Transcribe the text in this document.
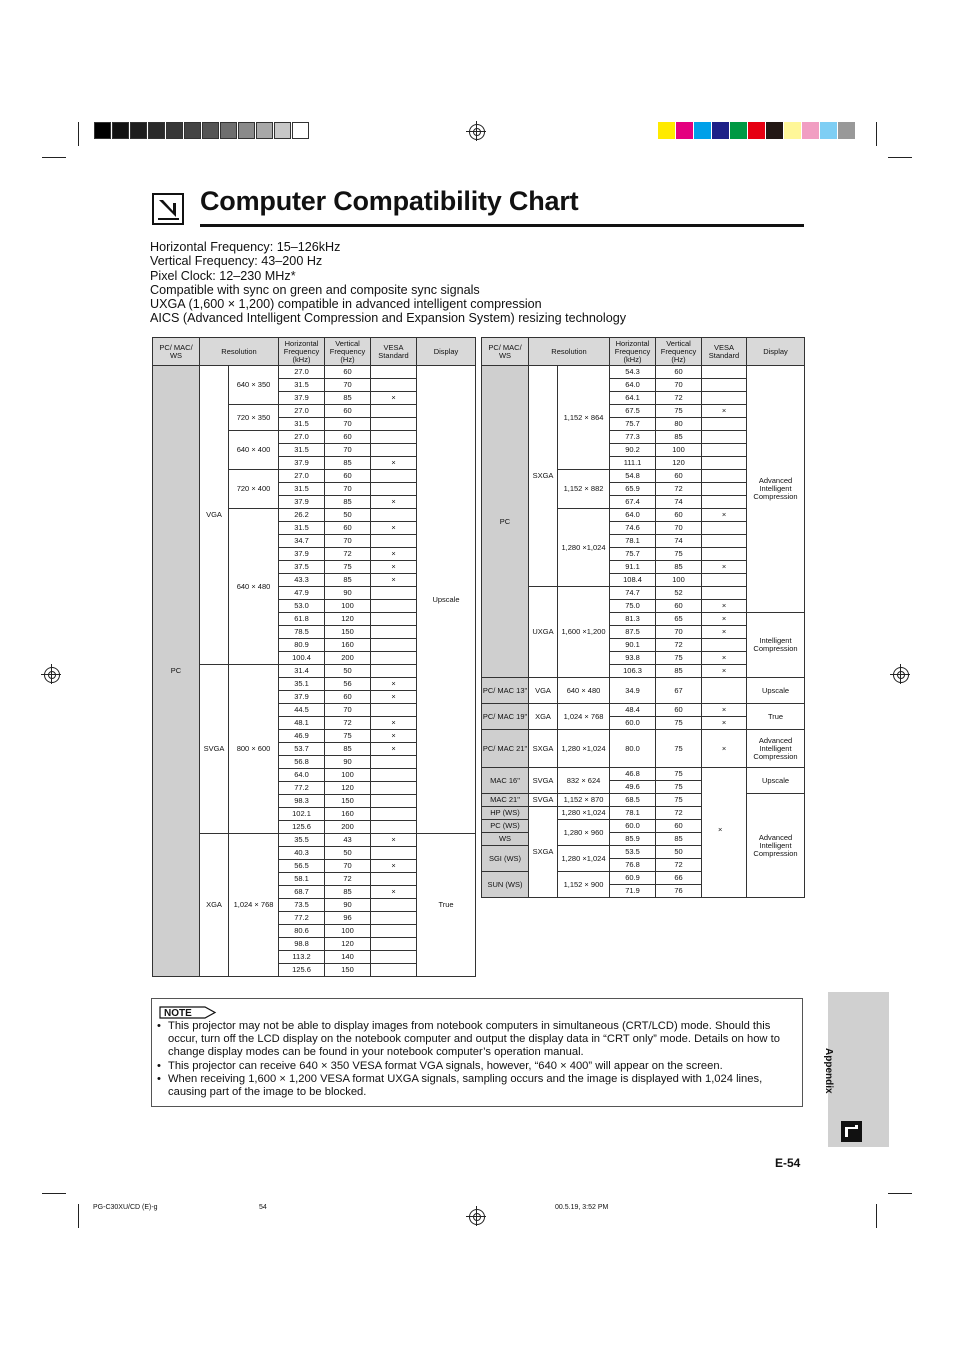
Computer Compatibility Chart
Horizontal Frequency: 15–126kHz
Vertical Frequency: 43–200 Hz
Pixel Clock: 12–230 MHz*
Compatible with sync on green and composite sync signals
UXGA (1,600 × 1,200) compatible in advanced intelligent compression
AICS (Advanced Intelligent Compression and Expansion System) resizing technology
PC/ MAC/ WS	Resolution		Horizontal Frequency (kHz)	Vertical Frequency (Hz)	VESA Standard	Display
PC	VGA	640 × 350	27.0	60		Upscale
			31.5	70		
			37.9	85	×	
		720 × 350	27.0	60		
			31.5	70		
		640 × 400	27.0	60		
			31.5	70		
			37.9	85	×	
		720 × 400	27.0	60		
			31.5	70		
			37.9	85	×	
		640 × 480	26.2	50		
			31.5	60	×	
			34.7	70		
			37.9	72	×	
			37.5	75	×	
			43.3	85	×	
			47.9	90		
			53.0	100		
			61.8	120		
			78.5	150		
			80.9	160		
			100.4	200		
	SVGA	800 × 600	31.4	50		
			35.1	56	×	
			37.9	60	×	
			44.5	70		
			48.1	72	×	
			46.9	75	×	
			53.7	85	×	
			56.8	90		
			64.0	100		
			77.2	120		
			98.3	150		
			102.1	160		
			125.6	200		
	XGA	1,024 × 768	35.5	43	×	True
			40.3	50		
			56.5	70	×	
			58.1	72		
			68.7	85	×	
			73.5	90		
			77.2	96		
			80.6	100		
			98.8	120		
			113.2	140		
			125.6	150		
PC/ MAC/ WS	Resolution		Horizontal Frequency (kHz)	Vertical Frequency (Hz)	VESA Standard	Display
PC	SXGA	1,152 × 864	54.3	60		Advanced Intelligent Compression
			64.0	70		
			64.1	72		
			67.5	75	×	
			75.7	80		
			77.3	85		
			90.2	100		
			111.1	120		
		1,152 × 882	54.8	60		
			65.9	72		
			67.4	74		
		1,280 ×1,024	64.0	60	×	
			74.6	70		
			78.1	74		
			75.7	75		
			91.1	85	×	
			108.4	100		
	UXGA	1,600 ×1,200	74.7	52		
			75.0	60	×	
			81.3	65	×	Intelligent Compression
			87.5	70	×	
			90.1	72		
			93.8	75	×	
			106.3	85	×	
PC/ MAC 13"	VGA	640 × 480	34.9	67		Upscale
PC/ MAC 19"	XGA	1,024 × 768	48.4	60	×	True
			60.0	75	×	
PC/ MAC 21"	SXGA	1,280 ×1,024	80.0	75	×	Advanced Intelligent Compression
MAC 16"	SVGA	832 × 624	46.8	75		Upscale
			49.6	75		
MAC 21"	SVGA	1,152 × 870	68.5	75		Advanced Intelligent Compression
HP (WS)	SXGA	1,280 ×1,024	78.1	72		
PC (WS)		1,280 × 960	60.0	60		
WS			85.9	85		
SGI (WS)		1,280 ×1,024	53.5	50		
			76.8	72		
SUN (WS)		1,152 × 900	60.9	66		
			71.9	76		
NOTE
• This projector may not be able to display images from notebook computers in simultaneous (CRT/LCD) mode. Should this occur, turn off the LCD display on the notebook computer and output the display data in “CRT only” mode. Details on how to change display modes can be found in your notebook computer’s operation manual.
• This projector can receive 640 × 350 VESA format VGA signals, however, “640 × 400” will appear on the screen.
• When receiving 1,600 × 1,200 VESA format UXGA signals, sampling occurs and the image is displayed with 1,024 lines, causing part of the image to be blocked.	Appendix
E-54
PG-C30XU/CD (E)-g	54	00.5.19, 3:52 PM
×
